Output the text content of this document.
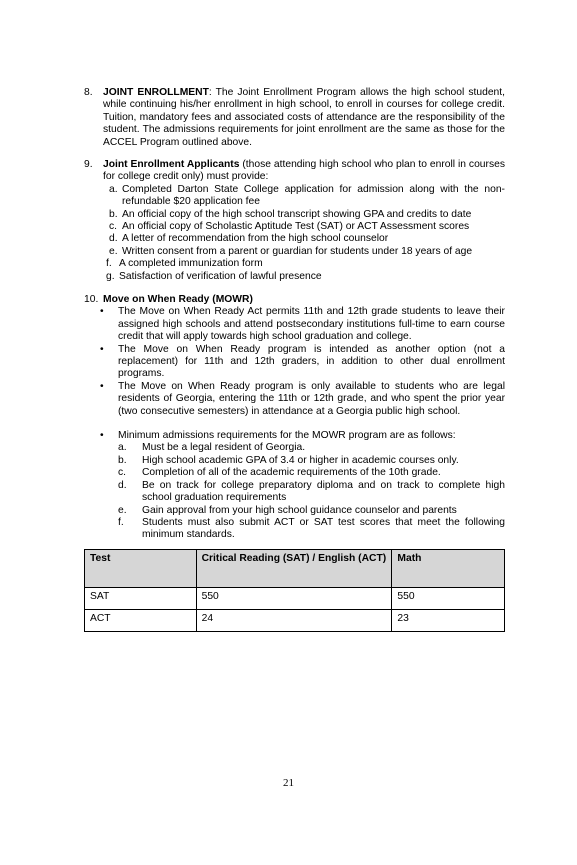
8.	JOINT ENROLLMENT: The Joint Enrollment Program allows the high school student, while continuing his/her enrollment in high school, to enroll in courses for college credit. Tuition, mandatory fees and associated costs of attendance are the responsibility of the student. The admissions requirements for joint enrollment are the same as those for the ACCEL Program outlined above.
9.	Joint Enrollment Applicants (those attending high school who plan to enroll in courses for college credit only) must provide:
a. Completed Darton State College application for admission along with the non-refundable $20 application fee
b. An official copy of the high school transcript showing GPA and credits to date
c. An official copy of Scholastic Aptitude Test (SAT) or ACT Assessment scores
d. A letter of recommendation from the high school counselor
e. Written consent from a parent or guardian for students under 18 years of age
f. A completed immunization form
g. Satisfaction of verification of lawful presence
10. Move on When Ready (MOWR)
•	The Move on When Ready Act permits 11th and 12th grade students to leave their assigned high schools and attend postsecondary institutions full-time to earn course credit that will apply towards high school graduation and college.
•	The Move on When Ready program is intended as another option (not a replacement) for 11th and 12th graders, in addition to other dual enrollment programs.
•	The Move on When Ready program is only available to students who are legal residents of Georgia, entering the 11th or 12th grade, and who spent the prior year (two consecutive semesters) in attendance at a Georgia public high school.
•	Minimum admissions requirements for the MOWR program are as follows:
a.	Must be a legal resident of Georgia.
b.	High school academic GPA of 3.4 or higher in academic courses only.
c.	Completion of all of the academic requirements of the 10th grade.
d.	Be on track for college preparatory diploma and on track to complete high school graduation requirements
e.	Gain approval from your high school guidance counselor and parents
f.	Students must also submit ACT or SAT test scores that meet the following minimum standards.
Test	Critical Reading (SAT) / English (ACT)	Math
SAT	550	550
ACT	24	23
21
